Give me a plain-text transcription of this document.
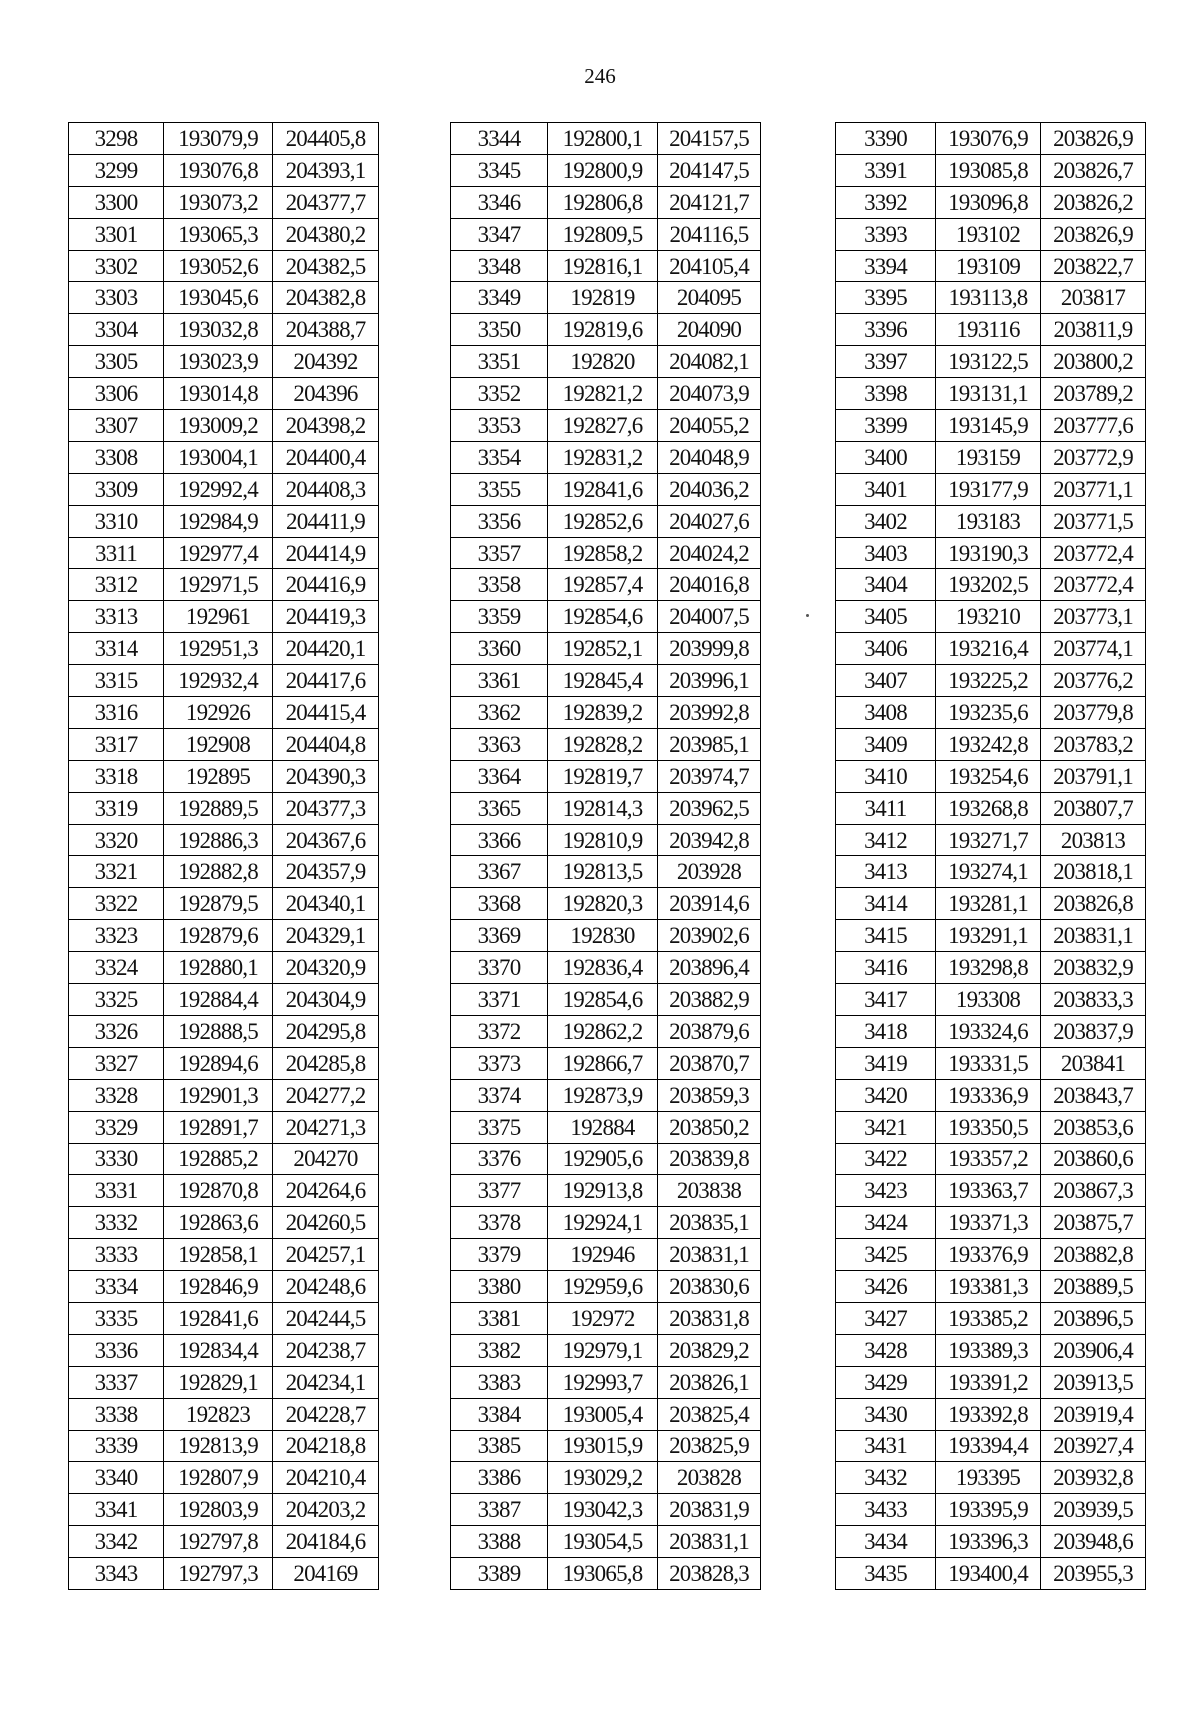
246
3298	193079,9	204405,8
3299	193076,8	204393,1
3300	193073,2	204377,7
3301	193065,3	204380,2
3302	193052,6	204382,5
3303	193045,6	204382,8
3304	193032,8	204388,7
3305	193023,9	204392
3306	193014,8	204396
3307	193009,2	204398,2
3308	193004,1	204400,4
3309	192992,4	204408,3
3310	192984,9	204411,9
3311	192977,4	204414,9
3312	192971,5	204416,9
3313	192961	204419,3
3314	192951,3	204420,1
3315	192932,4	204417,6
3316	192926	204415,4
3317	192908	204404,8
3318	192895	204390,3
3319	192889,5	204377,3
3320	192886,3	204367,6
3321	192882,8	204357,9
3322	192879,5	204340,1
3323	192879,6	204329,1
3324	192880,1	204320,9
3325	192884,4	204304,9
3326	192888,5	204295,8
3327	192894,6	204285,8
3328	192901,3	204277,2
3329	192891,7	204271,3
3330	192885,2	204270
3331	192870,8	204264,6
3332	192863,6	204260,5
3333	192858,1	204257,1
3334	192846,9	204248,6
3335	192841,6	204244,5
3336	192834,4	204238,7
3337	192829,1	204234,1
3338	192823	204228,7
3339	192813,9	204218,8
3340	192807,9	204210,4
3341	192803,9	204203,2
3342	192797,8	204184,6
3343	192797,3	204169
3344	192800,1	204157,5
3345	192800,9	204147,5
3346	192806,8	204121,7
3347	192809,5	204116,5
3348	192816,1	204105,4
3349	192819	204095
3350	192819,6	204090
3351	192820	204082,1
3352	192821,2	204073,9
3353	192827,6	204055,2
3354	192831,2	204048,9
3355	192841,6	204036,2
3356	192852,6	204027,6
3357	192858,2	204024,2
3358	192857,4	204016,8
3359	192854,6	204007,5
3360	192852,1	203999,8
3361	192845,4	203996,1
3362	192839,2	203992,8
3363	192828,2	203985,1
3364	192819,7	203974,7
3365	192814,3	203962,5
3366	192810,9	203942,8
3367	192813,5	203928
3368	192820,3	203914,6
3369	192830	203902,6
3370	192836,4	203896,4
3371	192854,6	203882,9
3372	192862,2	203879,6
3373	192866,7	203870,7
3374	192873,9	203859,3
3375	192884	203850,2
3376	192905,6	203839,8
3377	192913,8	203838
3378	192924,1	203835,1
3379	192946	203831,1
3380	192959,6	203830,6
3381	192972	203831,8
3382	192979,1	203829,2
3383	192993,7	203826,1
3384	193005,4	203825,4
3385	193015,9	203825,9
3386	193029,2	203828
3387	193042,3	203831,9
3388	193054,5	203831,1
3389	193065,8	203828,3
3390	193076,9	203826,9
3391	193085,8	203826,7
3392	193096,8	203826,2
3393	193102	203826,9
3394	193109	203822,7
3395	193113,8	203817
3396	193116	203811,9
3397	193122,5	203800,2
3398	193131,1	203789,2
3399	193145,9	203777,6
3400	193159	203772,9
3401	193177,9	203771,1
3402	193183	203771,5
3403	193190,3	203772,4
3404	193202,5	203772,4
3405	193210	203773,1
3406	193216,4	203774,1
3407	193225,2	203776,2
3408	193235,6	203779,8
3409	193242,8	203783,2
3410	193254,6	203791,1
3411	193268,8	203807,7
3412	193271,7	203813
3413	193274,1	203818,1
3414	193281,1	203826,8
3415	193291,1	203831,1
3416	193298,8	203832,9
3417	193308	203833,3
3418	193324,6	203837,9
3419	193331,5	203841
3420	193336,9	203843,7
3421	193350,5	203853,6
3422	193357,2	203860,6
3423	193363,7	203867,3
3424	193371,3	203875,7
3425	193376,9	203882,8
3426	193381,3	203889,5
3427	193385,2	203896,5
3428	193389,3	203906,4
3429	193391,2	203913,5
3430	193392,8	203919,4
3431	193394,4	203927,4
3432	193395	203932,8
3433	193395,9	203939,5
3434	193396,3	203948,6
3435	193400,4	203955,3
